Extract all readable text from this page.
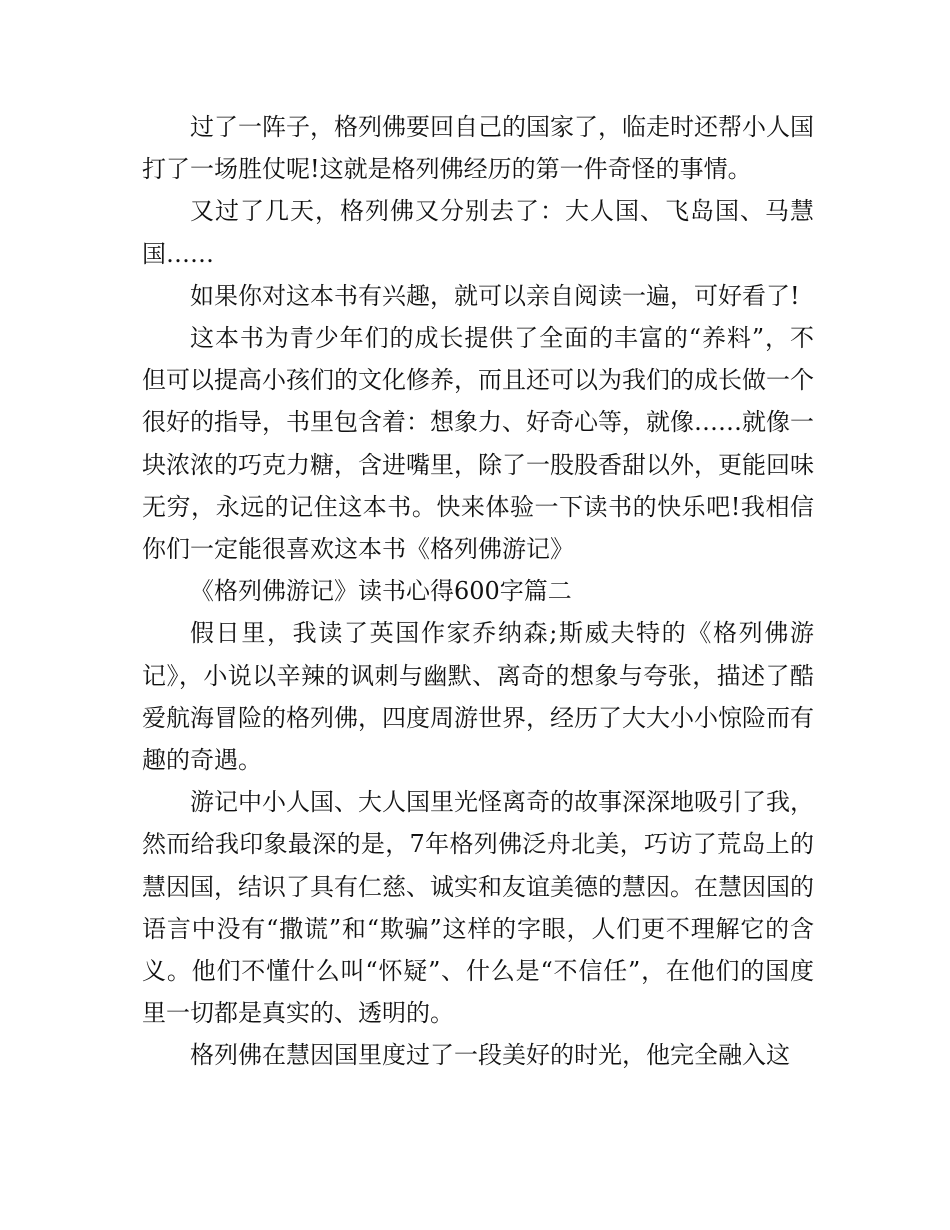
过了一阵子，格列佛要回自己的国家了，临走时还帮小人国打了一场胜仗呢!这就是格列佛经历的第一件奇怪的事情。

又过了几天，格列佛又分别去了：大人国、飞岛国、马慧国……

如果你对这本书有兴趣，就可以亲自阅读一遍，可好看了!

这本书为青少年们的成长提供了全面的丰富的“养料”，不但可以提高小孩们的文化修养，而且还可以为我们的成长做一个很好的指导，书里包含着：想象力、好奇心等，就像……就像一块浓浓的巧克力糖，含进嘴里，除了一股股香甜以外，更能回味无穷，永远的记住这本书。快来体验一下读书的快乐吧!我相信你们一定能很喜欢这本书《格列佛游记》

《格列佛游记》读书心得600字篇二

假日里，我读了英国作家乔纳森;斯威夫特的《格列佛游记》，小说以辛辣的讽刺与幽默、离奇的想象与夸张，描述了酷爱航海冒险的格列佛，四度周游世界，经历了大大小小惊险而有趣的奇遇。

游记中小人国、大人国里光怪离奇的故事深深地吸引了我，然而给我印象最深的是，7年格列佛泛舟北美，巧访了荒岛上的慧因国，结识了具有仁慈、诚实和友谊美德的慧因。在慧因国的语言中没有“撒谎”和“欺骗”这样的字眼，人们更不理解它的含义。他们不懂什么叫“怀疑”、什么是“不信任”，在他们的国度里一切都是真实的、透明的。

格列佛在慧因国里度过了一段美好的时光，他完全融入这
